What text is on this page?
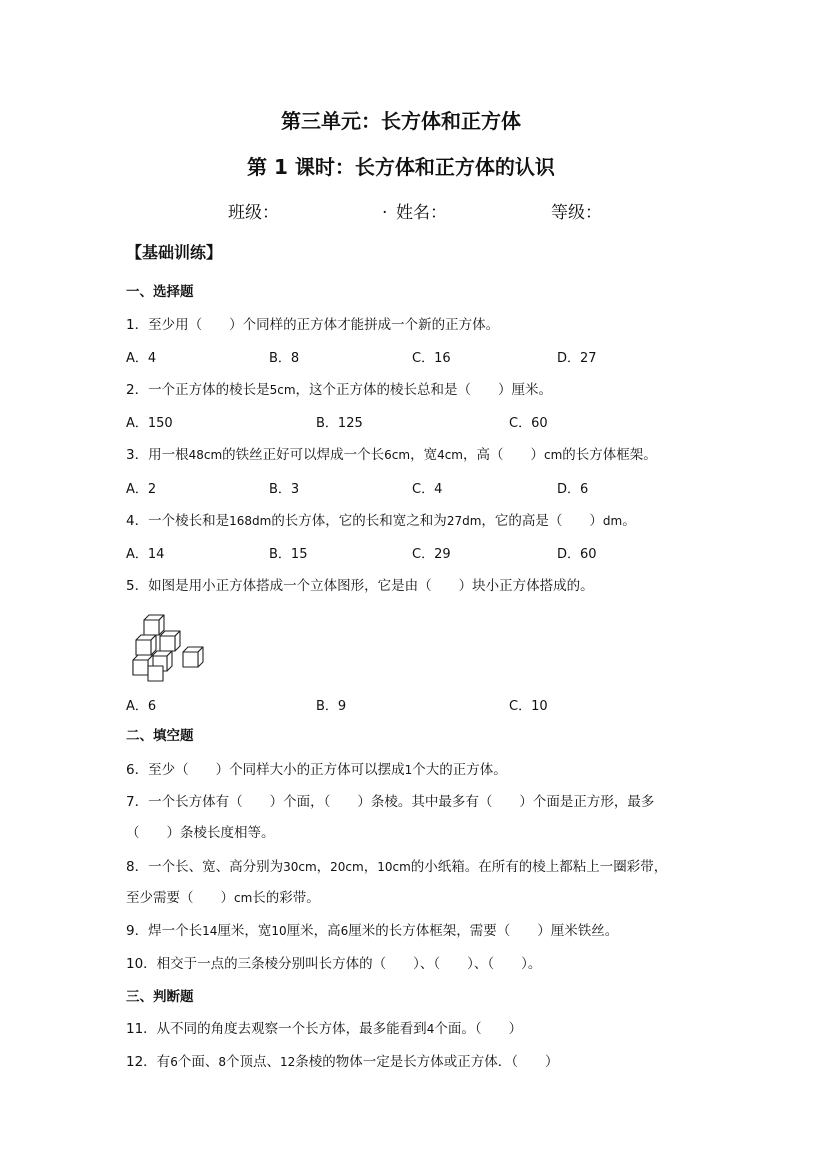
第三单元：长方体和正方体
第 1 课时：长方体和正方体的认识
班级：	. 姓名：	等级：
【基础训练】
一、选择题
1．至少用（　　）个同样的正方体才能拼成一个新的正方体。
A．4	B．8	C．16	D．27
2．一个正方体的棱长是5cm，这个正方体的棱长总和是（　　）厘米。
A．150	B．125	C．60
3．用一根48cm的铁丝正好可以焊成一个长6cm，宽4cm，高（　　）cm的长方体框架。
A．2	B．3	C．4	D．6
4．一个棱长和是168dm的长方体，它的长和宽之和为27dm，它的高是（　　）dm。
A．14	B．15	C．29	D．60
5．如图是用小正方体搭成一个立体图形，它是由（　　）块小正方体搭成的。
A．6	B．9	C．10
二、填空题
6．至少（　　）个同样大小的正方体可以摆成1个大的正方体。
7．一个长方体有（　　）个面，（　　）条棱。其中最多有（　　）个面是正方形，最多
（　　）条棱长度相等。
8．一个长、宽、高分别为30cm，20cm，10cm的小纸箱。在所有的棱上都粘上一圈彩带，
至少需要（　　）cm长的彩带。
9．焊一个长14厘米，宽10厘米，高6厘米的长方体框架，需要（　　）厘米铁丝。
10．相交于一点的三条棱分别叫长方体的（　　）、（　　）、（　　）。
三、判断题
11．从不同的角度去观察一个长方体，最多能看到4个面。（　　）
12．有6个面、8个顶点、12条棱的物体一定是长方体或正方体．（　　）
